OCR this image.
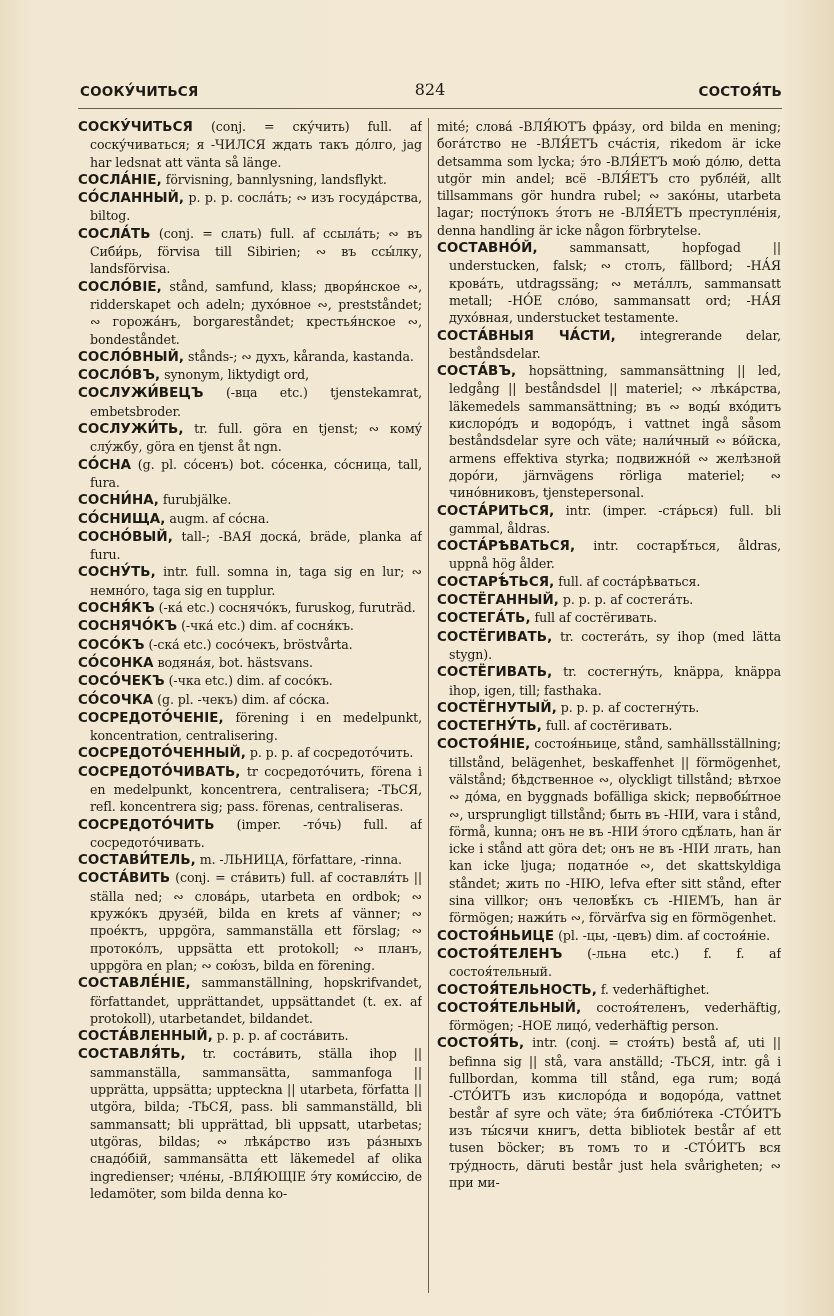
СООКУ́ЧИТЬСЯ	824	СОСТОЯ́ТЬ

СОСКУ́ЧИТЬСЯ (conj. = ску́чить) full. af соску́чиваться; я -ЧИЛСЯ ждать такъ до́лго, jag har ledsnat att vänta så länge.

СОСЛА́НІЕ, förvisning, bannlysning, landsflykt.

СО́СЛАННЫЙ, p. p. p. сосла́ть; ∾ изъ госуда́рства, biltog.

СОСЛА́ТЬ (conj. = слать) full. af ссыла́ть; ∾ въ Сиби́рь, förvisa till Sibirien; ∾ въ ссы́лку, landsförvisa.

СОСЛО́ВІЕ, stånd, samfund, klass; дворя́нское ∾, ridderskapet och adeln; духо́вное ∾, prestståndet; ∾ горожа́нъ, borgareståndet; крестья́нское ∾, bondeståndet.

СОСЛО́ВНЫЙ, stånds-; ∾ духъ, kåranda, kastanda.

СОСЛО́ВЪ, synonym, liktydigt ord,

СОСЛУЖИ́ВЕЦЪ (-вца etc.) tjenstekamrat, embetsbroder.

СОСЛУЖИ́ТЬ, tr. full. göra en tjenst; ∾ кому́ слу́жбу, göra en tjenst åt ngn.

СО́СНА (g. pl. со́сенъ) bot. со́сенка, со́сница, tall, fura.

СОСНИ́НА, furubjälke.

СО́СНИЩА, augm. af со́сна.

СОСНО́ВЫЙ, tall-; -ВАЯ доска́, bräde, planka af furu.

СОСНУ́ТЬ, intr. full. somna in, taga sig en lur; ∾ немно́го, taga sig en tupplur.

СОСНЯ́КЪ (-ка́ etc.) соснячо́къ, furuskog, furuträd.

СОСНЯЧО́КЪ (-чка́ etc.) dim. af сосня́къ.

СОСО́КЪ (-ска́ etc.) сосо́чекъ, bröstvårta.

СО́СОНКА водяна́я, bot. hästsvans.

СОСО́ЧЕКЪ (-чка etc.) dim. af сосо́къ.

СО́СОЧКА (g. pl. -чекъ) dim. af со́ска.

СОСРЕДОТО́ЧЕНІЕ, förening i en medelpunkt, koncentration, centralisering.

СОСРЕДОТО́ЧЕННЫЙ, p. p. p. af сосредото́чить.

СОСРЕДОТО́ЧИВАТЬ, tr сосредото́чить, förena i en medelpunkt, koncentrera, centralisera; -ТЬСЯ, refl. koncentrera sig; pass. förenas, centraliseras.

СОСРЕДОТО́ЧИТЬ (imper. -то́чь) full. af сосредото́чивать.

СОСТАВИ́ТЕЛЬ, m. -ЛЬНИЦА, författare, -rinna.

СОСТА́ВИТЬ (conj. = ста́вить) full. af составля́ть || ställa ned; ∾ слова́рь, utarbeta en ordbok; ∾ кружо́къ друзе́й, bilda en krets af vänner; ∾ прое́ктъ, uppgöra, sammanställa ett förslag; ∾ протоко́лъ, uppsätta ett protokoll; ∾ планъ, uppgöra en plan; ∾ сою́зъ, bilda en förening.

СОСТАВЛЕ́НІЕ, sammanställning, hopskrifvandet, författandet, upprättandet, uppsättandet (t. ex. af protokoll), utarbetandet, bildandet.

СОСТА́ВЛЕННЫЙ, p. p. p. af соста́вить.

СОСТАВЛЯ́ТЬ, tr. соста́вить, ställa ihop || sammanställa, sammansätta, sammanfoga || upprätta, uppsätta; uppteckna || utarbeta, författa || utgöra, bilda; -ТЬСЯ, pass. bli sammanställd, bli sammansatt; bli upprättad, bli uppsatt, utarbetas; utgöras, bildas; ∾ лѣка́рство изъ ра́зныхъ снадо́бій, sammansätta ett läkemedel af olika ingredienser; чле́ны, -ВЛЯ́ЮЩІЕ э́ту коми́ссію, de ledamöter, som bilda denna ko-

mité; слова́ -ВЛЯ́ЮТЪ фра́зу, ord bilda en mening; бога́тство не -ВЛЯ́ЕТЪ сча́стія, rikedom är icke detsamma som lycka; э́то -ВЛЯ́ЕТЪ мою́ до́лю, detta utgör min andel; всё -ВЛЯ́ЕТЪ сто рубле́й, allt tillsammans gör hundra rubel; ∾ зако́ны, utarbeta lagar; посту́покъ э́тотъ не -ВЛЯ́ЕТЪ преступле́нія, denna handling är icke någon förbrytelse.

СОСТАВНО́Й, sammansatt, hopfogad || understucken, falsk; ∾ столъ, fällbord; -НА́Я крова́ть, utdragssäng; ∾ мета́ллъ, sammansatt metall; -НО́Е сло́во, sammansatt ord; -НА́Я духо́вная, understucket testamente.

СОСТА́ВНЫЯ ЧА́СТИ, integrerande delar, beståndsdelar.

СОСТА́ВЪ, hopsättning, sammansättning || led, ledgång || beståndsdel || materiel; ∾ лѣка́рства, läkemedels sammansättning; въ ∾ воды́ вхо́дитъ кислоро́дъ и водоро́дъ, i vattnet ingå såsom beståndsdelar syre och väte; нали́чный ∾ во́йска, armens effektiva styrka; подвижно́й ∾ желѣзной доро́ги, järnvägens rörliga materiel; ∾ чино́вниковъ, tjenstepersonal.

СОСТА́РИТЬСЯ, intr. (imper. -ста́рься) full. bli gammal, åldras.

СОСТА́РѢВАТЬСЯ, intr. состарѣ́ться, åldras, uppnå hög ålder.

СОСТАРѢ́ТЬСЯ, full. af соста́рѣваться.

СОСТЁГАННЫЙ, p. p. p. af состега́ть.

СОСТЕГА́ТЬ, full af состёгивать.

СОСТЁГИВАТЬ, tr. состега́ть, sy ihop (med lätta stygn).

СОСТЁГИВАТЬ, tr. состегну́ть, knäppa, knäppa ihop, igen, till; fasthaka.

СОСТЁГНУТЫЙ, p. p. p. af состегну́ть.

СОСТЕГНУ́ТЬ, full. af состёгивать.

СОСТОЯ́НІЕ, состоя́ньице, stånd, samhällsställning; tillstånd, belägenhet, beskaffenhet || förmögenhet, välstånd; бѣдственное ∾, olyckligt tillstånd; вѣтхое ∾ до́ма, en byggnads bofälliga skick; первобы́тное ∾, ursprungligt tillstånd; быть въ -НІИ, vara i stånd, förmå, kunna; онъ не въ -НІИ э́того сдѣ́лать, han är icke i stånd att göra det; онъ не въ -НІИ лгать, han kan icke ljuga; податно́е ∾, det skattskyldiga ståndet; жить по -НІЮ, lefva efter sitt stånd, efter sina villkor; онъ человѣ́къ съ -НІЕМЪ, han är förmögen; нажи́ть ∾, förvärfva sig en förmögenhet.

СОСТОЯ́НЬИЦЕ (pl. -цы, -цевъ) dim. af состоя́ніе.

СОСТОЯ́ТЕЛЕНЪ (-льна etc.) f. f. af состоя́тельный.

СОСТОЯ́ТЕЛЬНОСТЬ, f. vederhäftighet.

СОСТОЯ́ТЕЛЬНЫЙ, состоя́теленъ, vederhäftig, förmögen; -НОЕ лицо́, vederhäftig person.

СОСТОЯ́ТЬ, intr. (conj. = стоя́ть) bestå af, uti || befinna sig || stå, vara anställd; -ТЬСЯ, intr. gå i fullbordan, komma till stånd, ega rum; вода́ -СТО́ИТЪ изъ кислоро́да и водоро́да, vattnet består af syre och väte; э́та библіо́тека -СТО́ИТЪ изъ ты́сячи книгъ, detta bibliotek består af ett tusen böcker; въ томъ то и -СТО́ИТЪ вся тру́дность, däruti består just hela svårigheten; ∾ при ми-
